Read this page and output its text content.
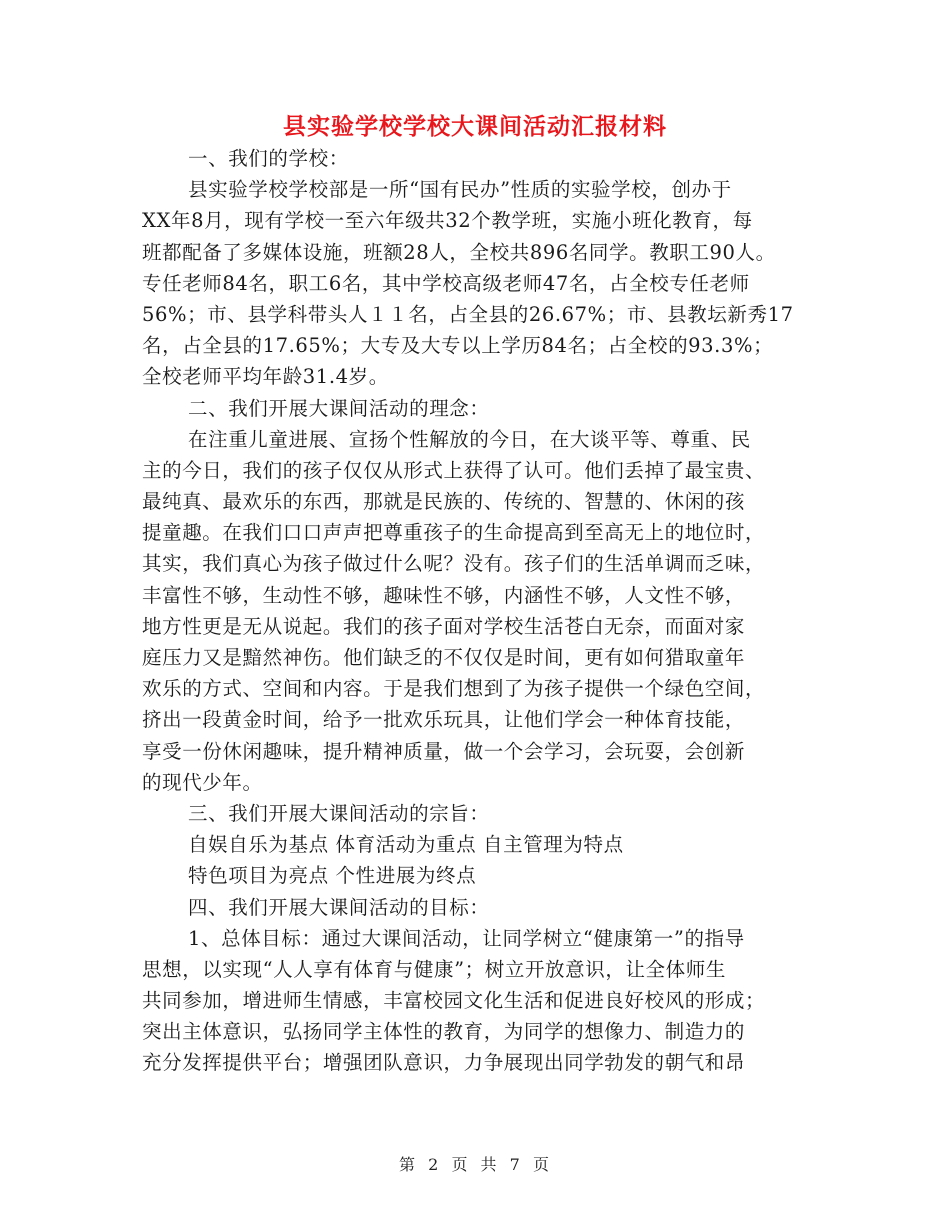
县实验学校学校大课间活动汇报材料
一、我们的学校：
县实验学校学校部是一所“国有民办”性质的实验学校，创办于
XX年8月，现有学校一至六年级共32个教学班，实施小班化教育，每
班都配备了多媒体设施，班额28人，全校共896名同学。教职工90人。
专任老师84名，职工6名，其中学校高级老师47名，占全校专任老师
56%；市、县学科带头人１１名，占全县的26.67%；市、县教坛新秀17
名，占全县的17.65%；大专及大专以上学历84名；占全校的93.3%；
全校老师平均年龄31.4岁。
二、我们开展大课间活动的理念：
在注重儿童进展、宣扬个性解放的今日，在大谈平等、尊重、民
主的今日，我们的孩子仅仅从形式上获得了认可。他们丢掉了最宝贵、
最纯真、最欢乐的东西，那就是民族的、传统的、智慧的、休闲的孩
提童趣。在我们口口声声把尊重孩子的生命提高到至高无上的地位时，
其实，我们真心为孩子做过什么呢？没有。孩子们的生活单调而乏味，
丰富性不够，生动性不够，趣味性不够，内涵性不够，人文性不够，
地方性更是无从说起。我们的孩子面对学校生活苍白无奈，而面对家
庭压力又是黯然神伤。他们缺乏的不仅仅是时间，更有如何猎取童年
欢乐的方式、空间和内容。于是我们想到了为孩子提供一个绿色空间，
挤出一段黄金时间，给予一批欢乐玩具，让他们学会一种体育技能，
享受一份休闲趣味，提升精神质量，做一个会学习，会玩耍，会创新
的现代少年。
三、我们开展大课间活动的宗旨：
自娱自乐为基点 体育活动为重点 自主管理为特点
特色项目为亮点 个性进展为终点
四、我们开展大课间活动的目标：
1、总体目标：通过大课间活动，让同学树立“健康第一”的指导
思想，以实现“人人享有体育与健康”；树立开放意识，让全体师生
共同参加，增进师生情感，丰富校园文化生活和促进良好校风的形成；
突出主体意识，弘扬同学主体性的教育，为同学的想像力、制造力的
充分发挥提供平台；增强团队意识，力争展现出同学勃发的朝气和昂
第 2 页 共 7 页
